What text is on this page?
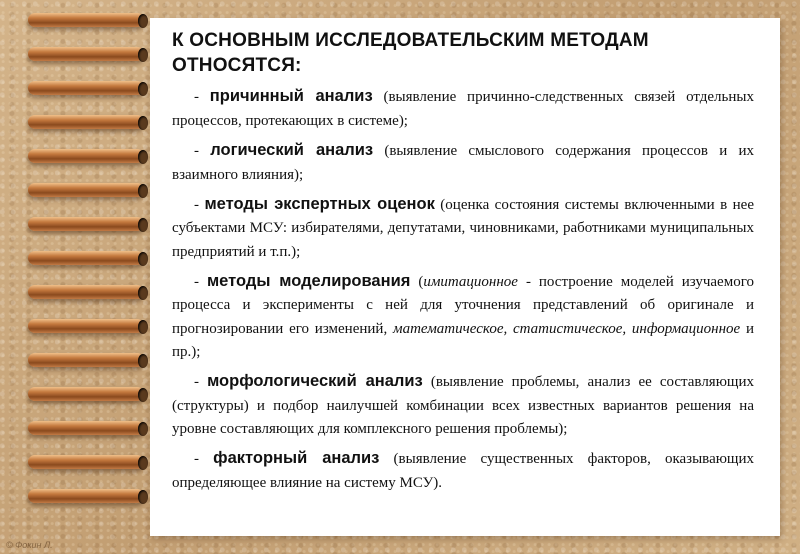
К ОСНОВНЫМ ИССЛЕДОВАТЕЛЬСКИМ МЕТОДАМ
ОТНОСЯТСЯ:

- причинный анализ (выявление причинно-следственных связей отдельных процессов, протекающих в системе);

- логический анализ (выявление смыслового содержания процессов и их взаимного влияния);

- методы экспертных оценок (оценка состояния системы включенными в нее субъектами МСУ: избирателями, депутатами, чиновниками, работниками муниципальных предприятий и т.п.);

- методы моделирования (имитационное - построение моделей изучаемого процесса и эксперименты с ней для уточнения представлений об оригинале и прогнозировании его изменений, математическое, статистическое, информационное и пр.);

- морфологический анализ (выявление проблемы, анализ ее составляющих (структуры) и подбор наилучшей комбинации всех известных вариантов решения на уровне составляющих для комплексного решения проблемы);

- факторный анализ (выявление существенных факторов, оказывающих определяющее влияние на систему МСУ).

© Фокин Л.
